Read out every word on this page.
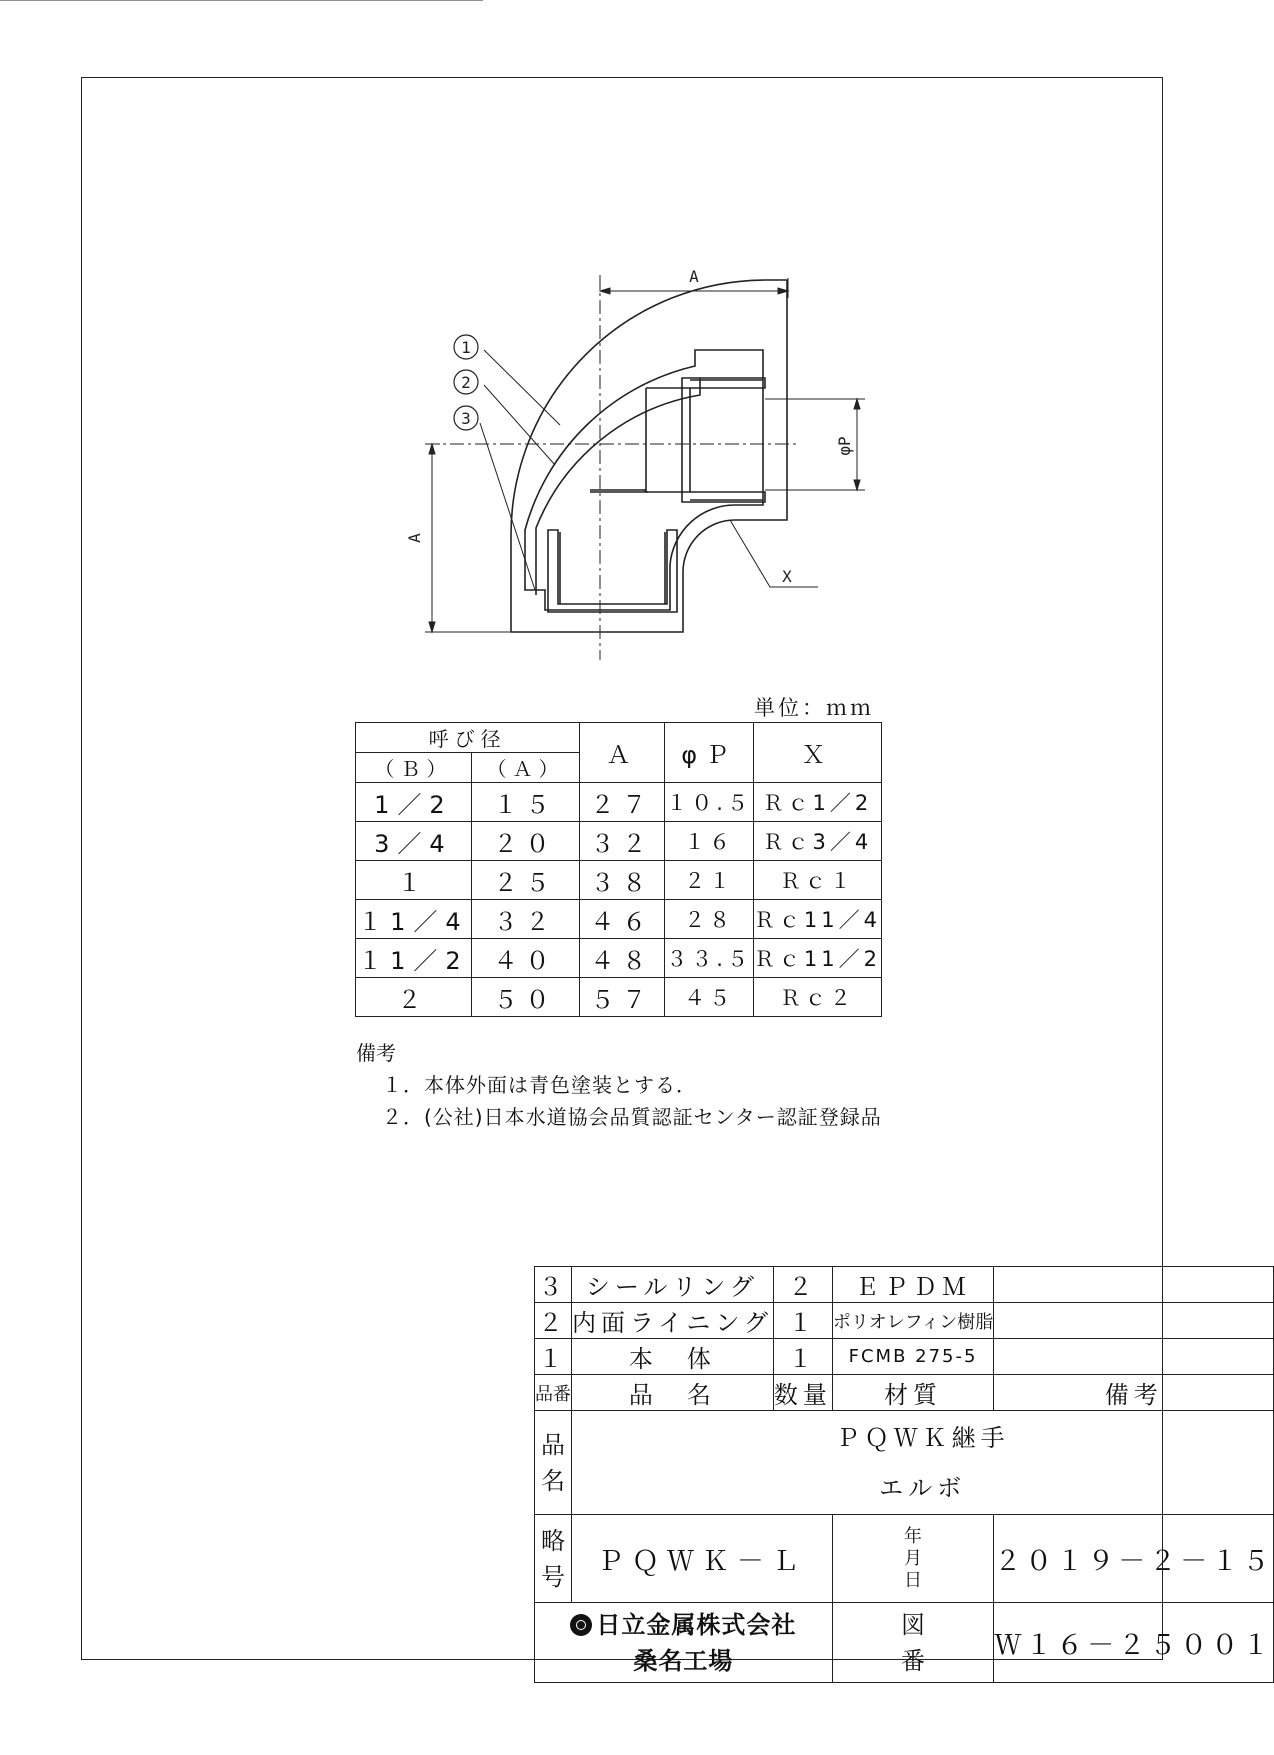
1
2
3
A
X
A
φP
単位：ｍｍ
呼び径		Ａ	φＰ	Ｘ
（Ｂ）	（Ａ）			
1／2	１５	２７	１０.５	Ｒｃ1／2
3／4	２０	３２	１６	Ｒｃ3／4
１	２５	３８	２１	Ｒｃ１
１1／4	３２	４６	２８	Ｒｃ11／4
１1／2	４０	４８	３３.５	Ｒｃ11／2
２	５０	５７	４５	Ｒｃ２
備考
１．本体外面は青色塗装とする．
２．(公社)日本水道協会品質認証センター認証登録品
３	シールリング	２	ＥＰＤＭ	
２	内面ライニング	１	ポリオレフィン樹脂	
１	本　体	１	FCMB 275-5	
品番	品　名	数量	材質	備考
品
名	ＰＱＷＫ継手
エルボ			
略
号	ＰＱＷＫ－Ｌ		年
月
日	２０１９－２－１５
日立金属株式会社
桑名工場			図
番	Ｗ１６－２５００１
